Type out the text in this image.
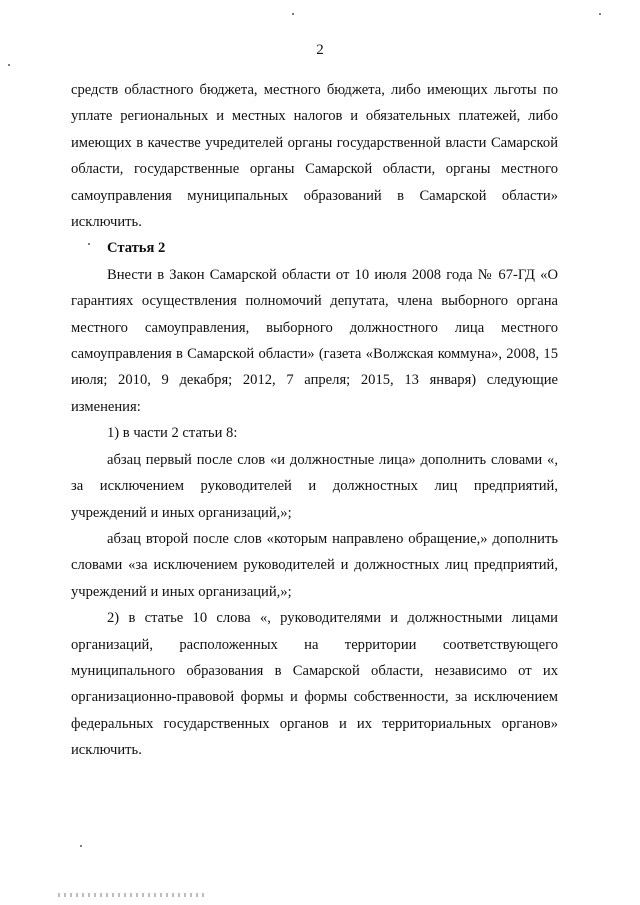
2

средств областного бюджета, местного бюджета, либо имеющих льготы по уплате региональных и местных налогов и обязательных платежей, либо имеющих в качестве учредителей органы государственной власти Самарской области, государственные органы Самарской области, органы местного самоуправления муниципальных образований в Самарской области» исключить.

Статья 2

Внести в Закон Самарской области от 10 июля 2008 года № 67-ГД «О гарантиях осуществления полномочий депутата, члена выборного органа местного самоуправления, выборного должностного лица местного самоуправления в Самарской области» (газета «Волжская коммуна», 2008, 15 июля; 2010, 9 декабря; 2012, 7 апреля; 2015, 13 января) следующие изменения:

1) в части 2 статьи 8:

абзац первый после слов «и должностные лица» дополнить словами «, за исключением руководителей и должностных лиц предприятий, учреждений и иных организаций,»;

абзац второй после слов «которым направлено обращение,» дополнить словами «за исключением руководителей и должностных лиц предприятий, учреждений и иных организаций,»;

2) в статье 10 слова «, руководителями и должностными лицами организаций, расположенных на территории соответствующего муниципального образования в Самарской области, независимо от их организационно-правовой формы и формы собственности, за исключением федеральных государственных органов и их территориальных органов» исключить.
